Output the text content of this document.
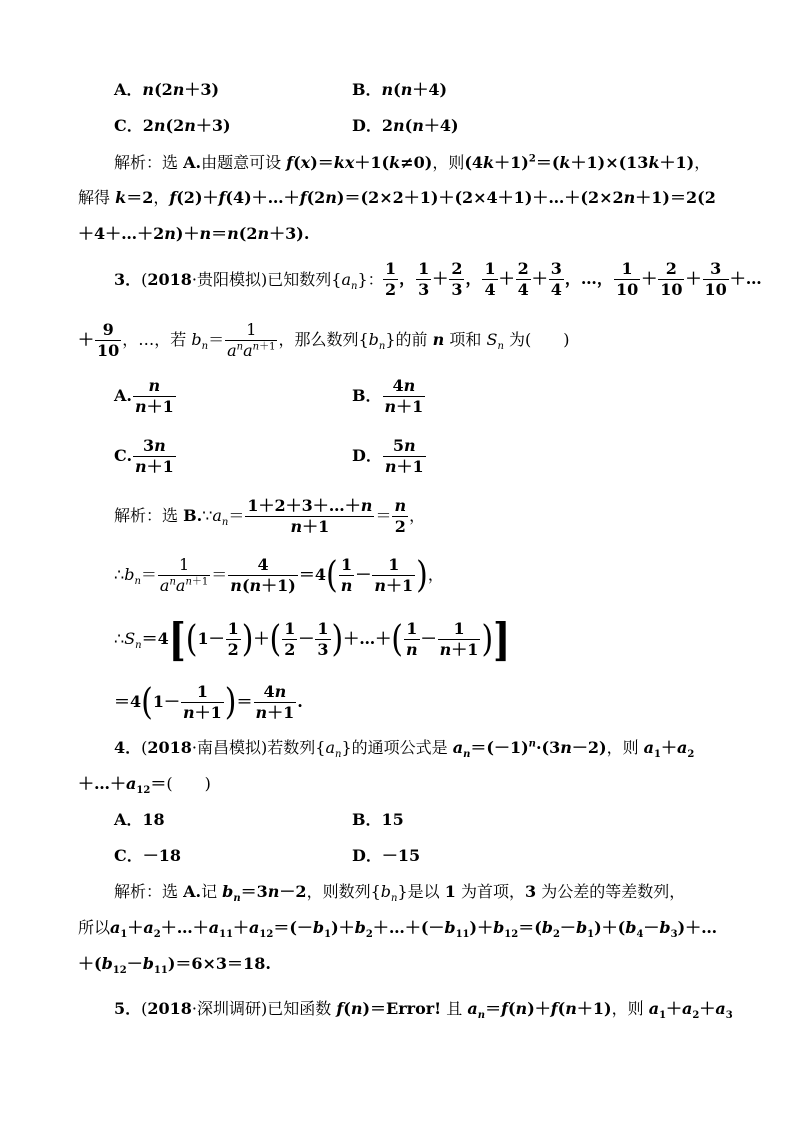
A．n(2n＋3)	B．n(n＋4)
C．2n(2n＋3)	D．2n(n＋4)
解析：选 A.由题意可设 f(x)＝kx＋1(k≠0)，则$(4k+1)^2=(k+1)\times(13k+1)$，
解得 k＝2，f(2)＋f(4)＋…＋f(2n)＝(2×2＋1)＋(2×4＋1)＋…＋(2×2n＋1)＝2(2
＋4＋…＋2n)＋n＝n(2n＋3).
3．(2018·贵阳模拟)已知数列$\{a_n\}$： $\frac{1}{2}$ ， $\frac{1}{3} + \frac{2}{3}$ ， $\frac{1}{4} + \frac{2}{4} + \frac{3}{4}$ ，…， $\frac{1}{10} + \frac{2}{10} + \frac{3}{10}$ ＋…
＋ $\frac{9}{10}$ ，…，若 $b_n= \frac{1}{a^na^{n+1}}$ ，那么数列$\{b_n\}$的前 n 项和 $S_n$ 为(　　)
A. $\frac{n}{n+1}$	B． $\frac{4n}{n+1}$
C. $\frac{3n}{n+1}$	D． $\frac{5n}{n+1}$
解析：选 $B.\because a_n= \frac{1+2+3+\dots+n}{n+1} = \frac{n}{2}$ ，
$\therefore b_n= \frac{1}{a^na^{n+1}} = \frac{4}{n(n+1)} =4( \frac{1}{n} - \frac{1}{n+1}$ )，
$\therefore S_n=4[(1- \frac{1}{2}$ )＋( $\frac{1}{2} - \frac{1}{3}$ )＋…＋( $\frac{1}{n} - \frac{1}{n+1}$ )]
$=4(1- \frac{1}{n+1}$ )＝ $\frac{4n}{n+1}$ .
4．(2018·南昌模拟)若数列$\{a_n\}$的通项公式是 $a_n=(-1)^n\cdot(3n-2)$，则 $a_1+a_2$
$+\dots+a_{12}=$(　　)
A．18	B．15
C．－18	D．－15
解析：选 A.记 $b_n=3n-2$，则数列$\{b_n\}$是以 1 为首项，3 为公差的等差数列，
所以$a_1+a_2+\dots+a_{11}+a_{12}=(-b_1)+b_2+\dots+(-b_{11})+b_{12}=(b_2-b_1)+(b_4-b_3)+\dots$
$+(b_{12}-b_{11})=6\times 3=18$.
5．(2018·深圳调研)已知函数 f(n)＝Error! 且 $a_n=f(n)+f(n+1)$，则 $a_1+a_2+a_3$
